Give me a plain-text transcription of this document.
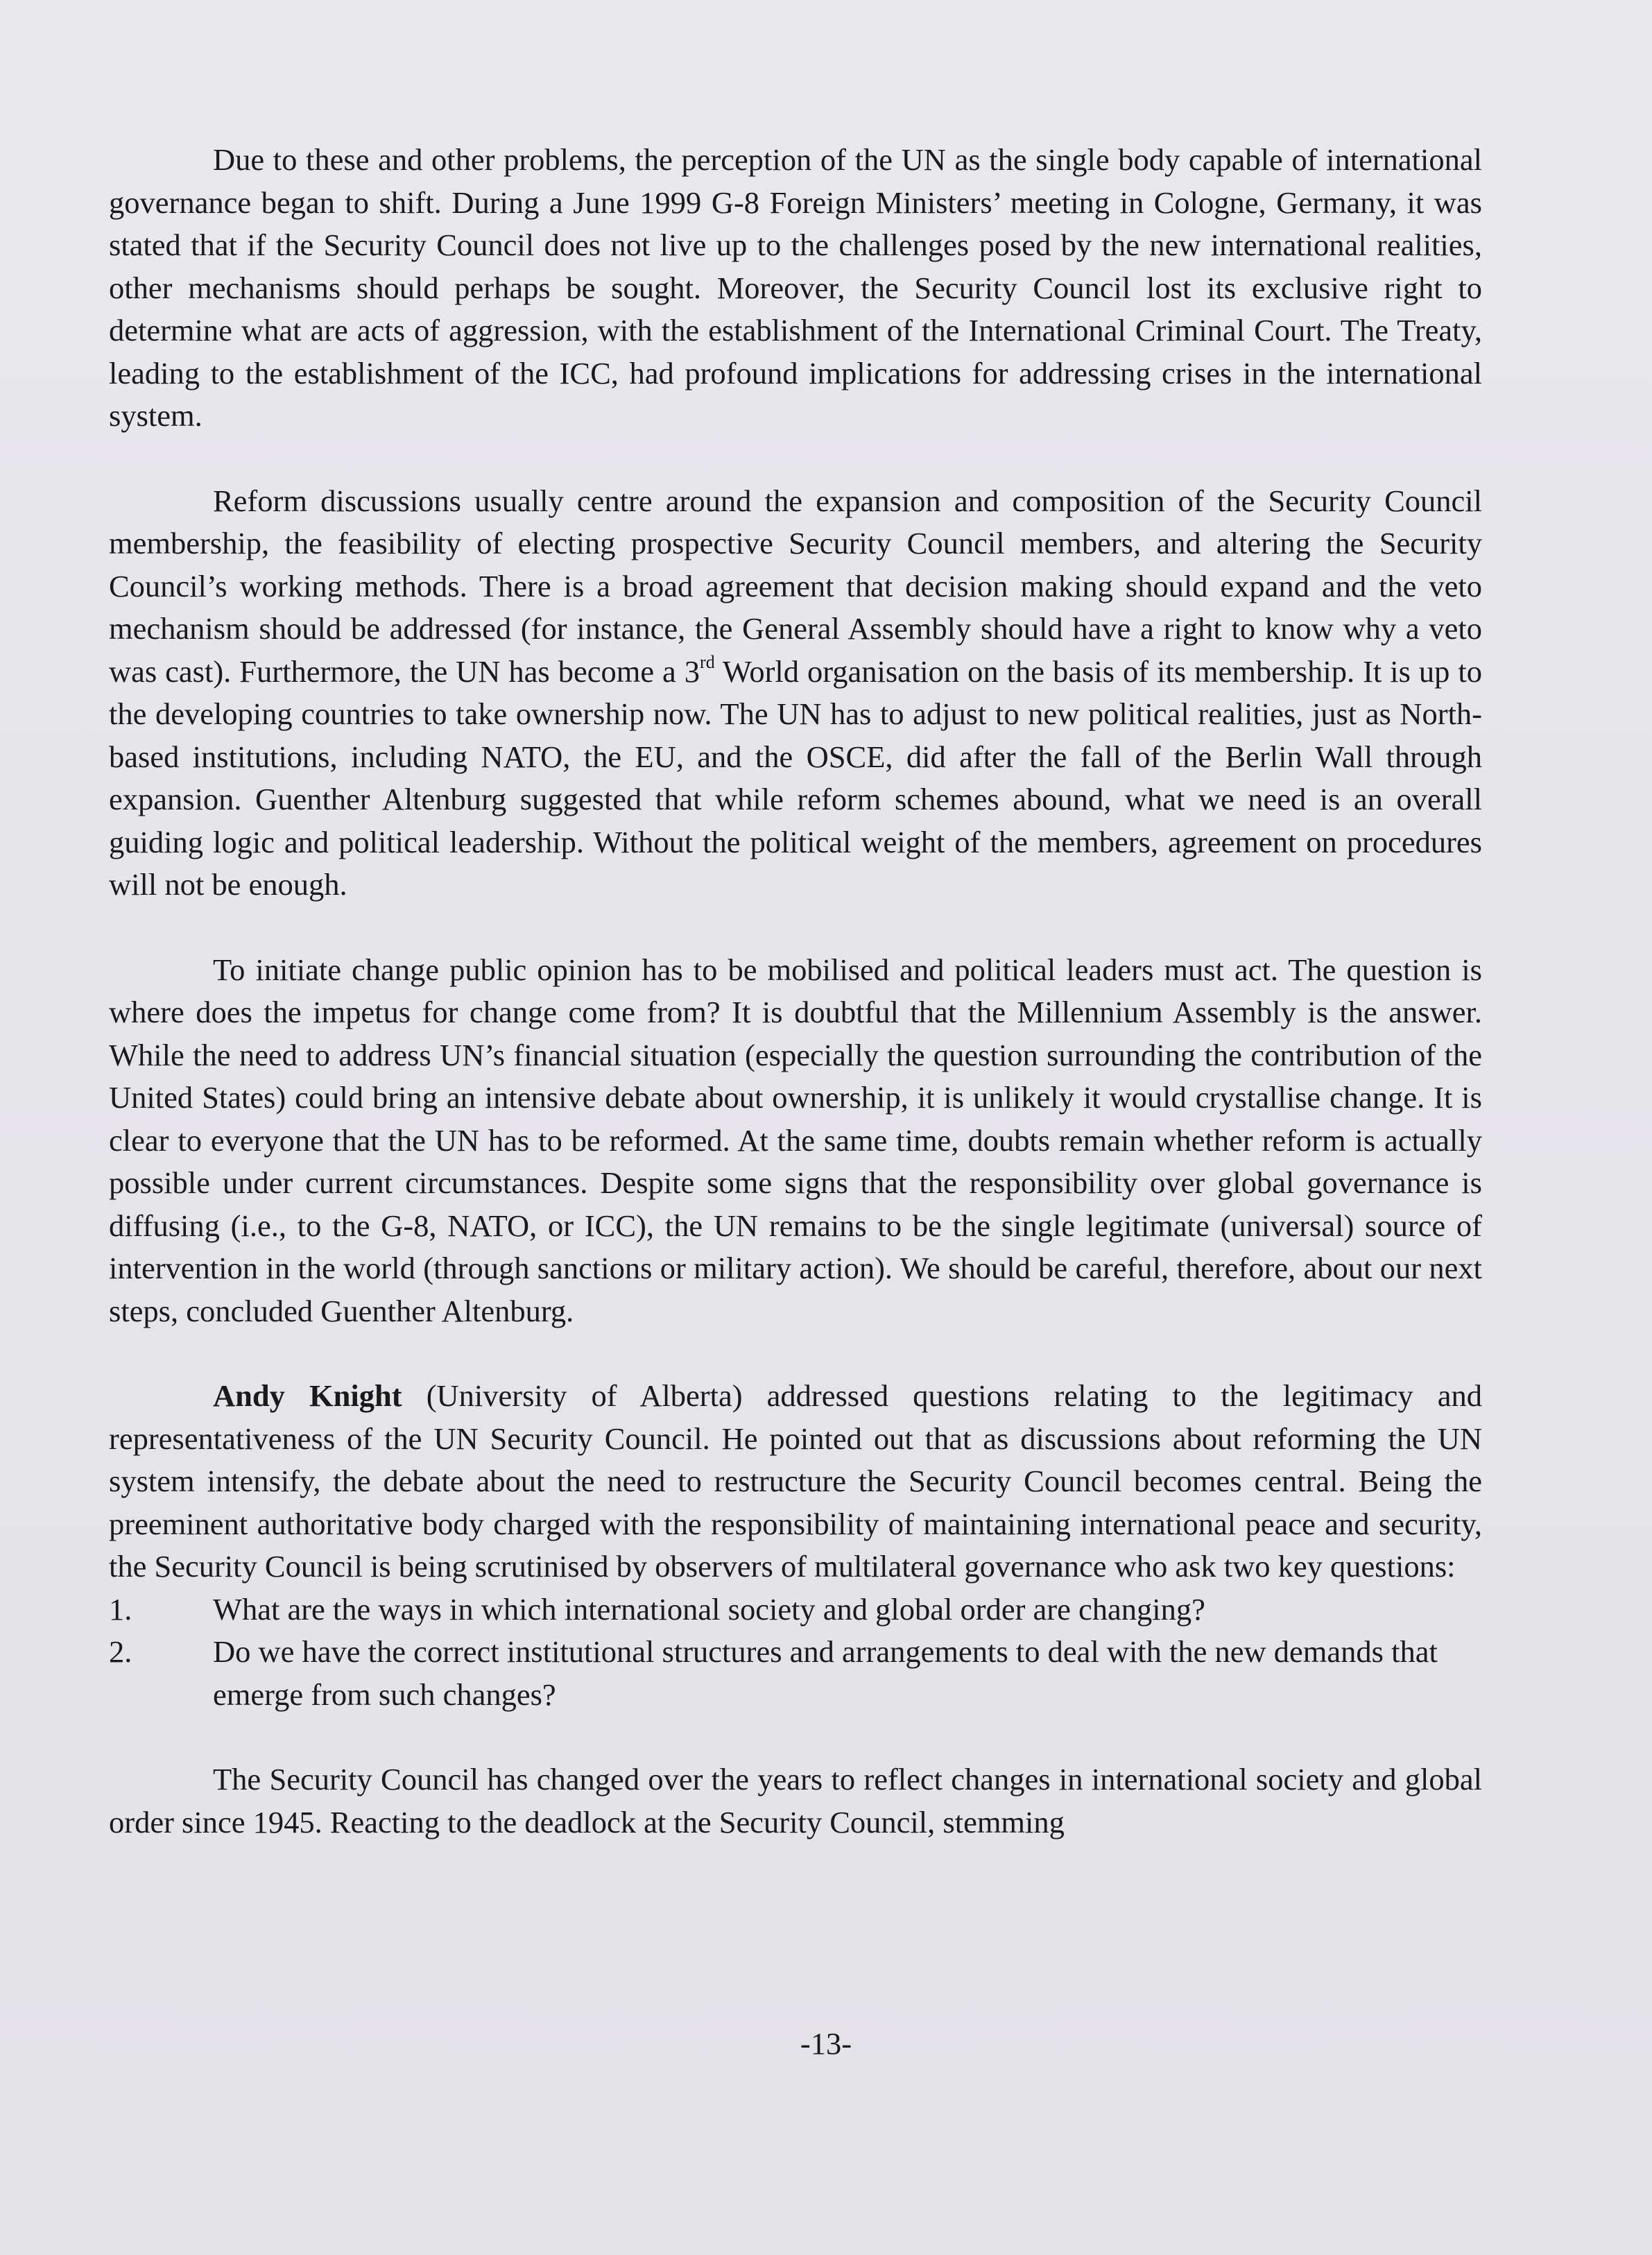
Due to these and other problems, the perception of the UN as the single body capable of international governance began to shift. During a June 1999 G-8 Foreign Ministers’ meeting in Cologne, Germany, it was stated that if the Security Council does not live up to the challenges posed by the new international realities, other mechanisms should perhaps be sought. Moreover, the Security Council lost its exclusive right to determine what are acts of aggression, with the establishment of the International Criminal Court. The Treaty, leading to the establishment of the ICC, had profound implications for addressing crises in the international system.

Reform discussions usually centre around the expansion and composition of the Security Council membership, the feasibility of electing prospective Security Council members, and altering the Security Council’s working methods. There is a broad agreement that decision making should expand and the veto mechanism should be addressed (for instance, the General Assembly should have a right to know why a veto was cast). Furthermore, the UN has become a 3rd World organisation on the basis of its membership. It is up to the developing countries to take ownership now. The UN has to adjust to new political realities, just as North-based institutions, including NATO, the EU, and the OSCE, did after the fall of the Berlin Wall through expansion. Guenther Altenburg suggested that while reform schemes abound, what we need is an overall guiding logic and political leadership. Without the political weight of the members, agreement on procedures will not be enough.

To initiate change public opinion has to be mobilised and political leaders must act. The question is where does the impetus for change come from? It is doubtful that the Millennium Assembly is the answer. While the need to address UN’s financial situation (especially the question surrounding the contribution of the United States) could bring an intensive debate about ownership, it is unlikely it would crystallise change. It is clear to everyone that the UN has to be reformed. At the same time, doubts remain whether reform is actually possible under current circumstances. Despite some signs that the responsibility over global governance is diffusing (i.e., to the G-8, NATO, or ICC), the UN remains to be the single legitimate (universal) source of intervention in the world (through sanctions or military action). We should be careful, therefore, about our next steps, concluded Guenther Altenburg.

Andy Knight (University of Alberta) addressed questions relating to the legitimacy and representativeness of the UN Security Council. He pointed out that as discussions about reforming the UN system intensify, the debate about the need to restructure the Security Council becomes central. Being the preeminent authoritative body charged with the responsibility of maintaining international peace and security, the Security Council is being scrutinised by observers of multilateral governance who ask two key questions:

1.	What are the ways in which international society and global order are changing?
2.	Do we have the correct institutional structures and arrangements to deal with the new demands that emerge from such changes?

The Security Council has changed over the years to reflect changes in international society and global order since 1945. Reacting to the deadlock at the Security Council, stemming

-13-
